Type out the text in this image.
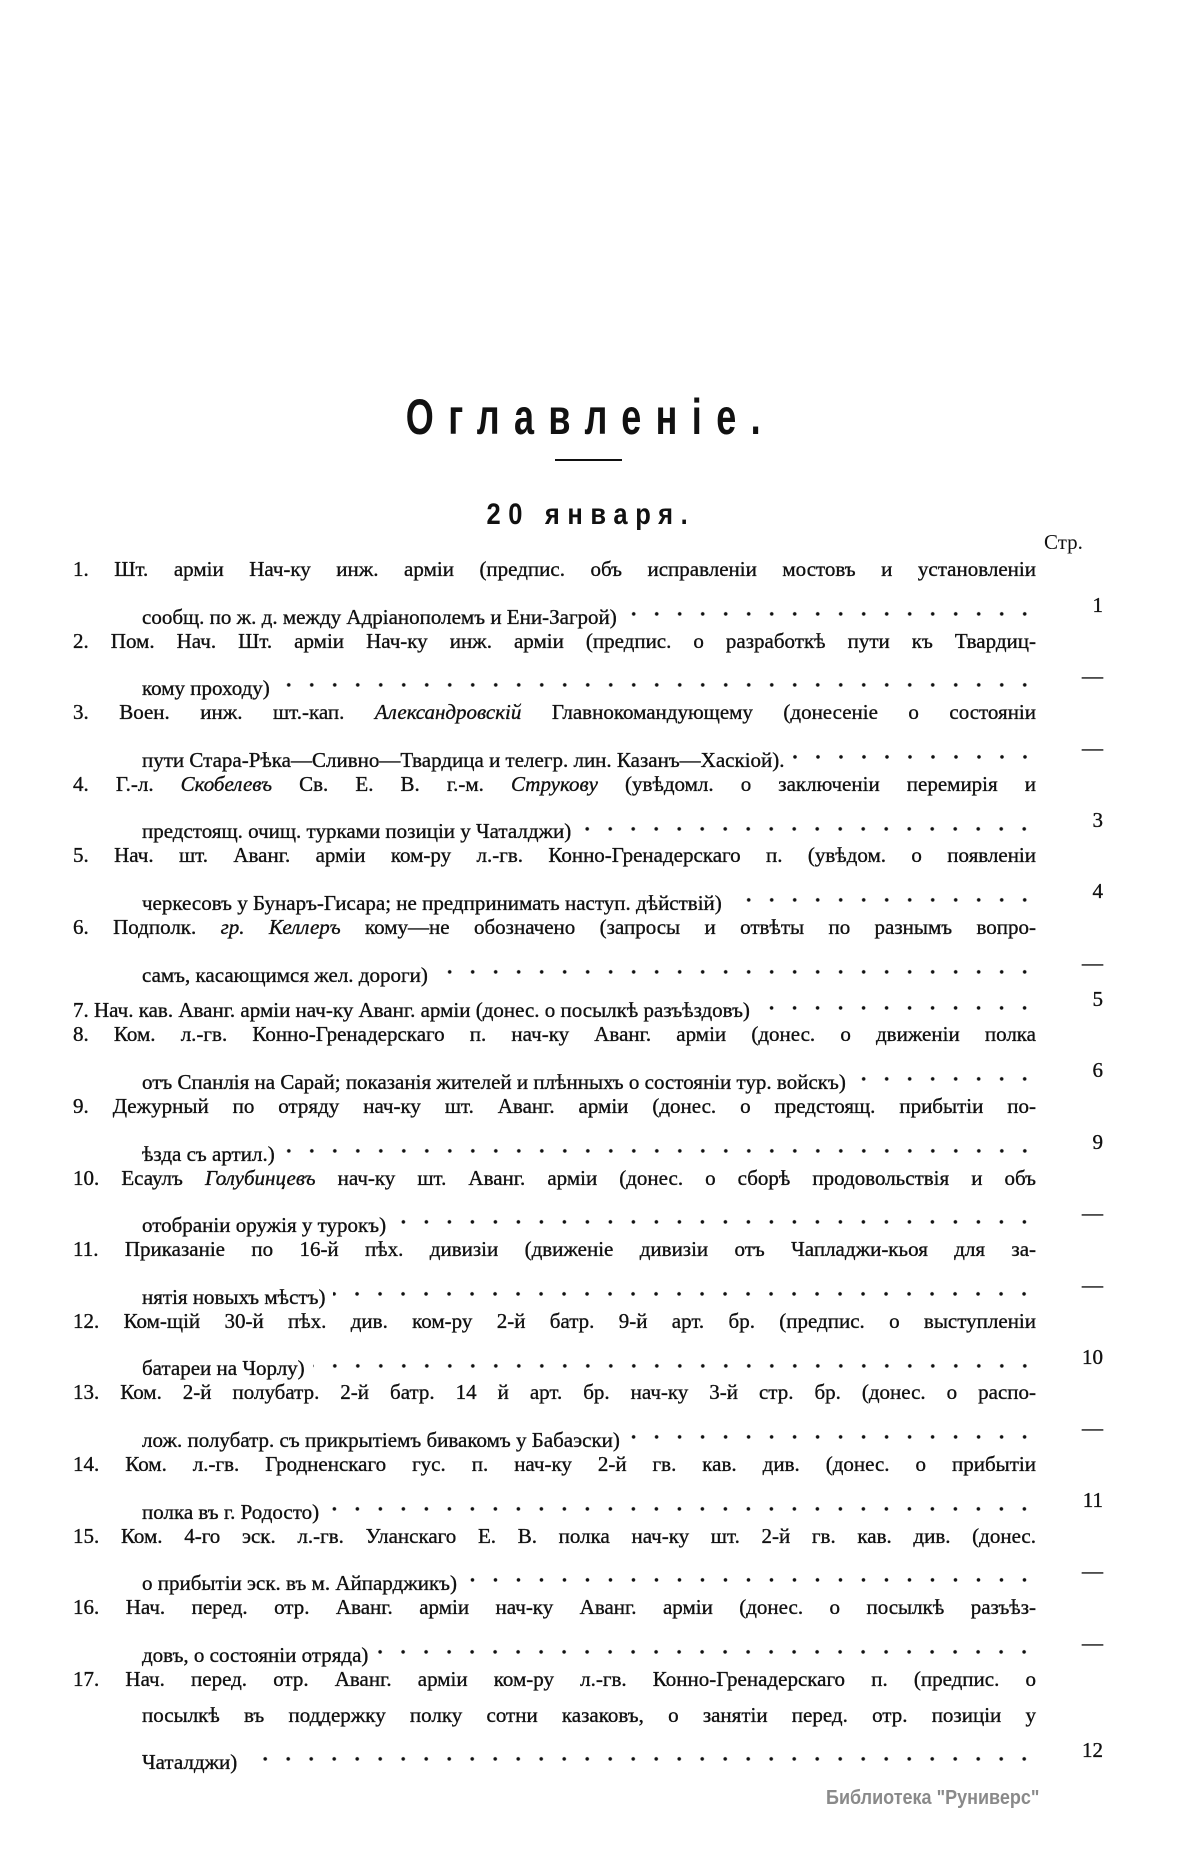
Оглавленіе.
20 января.
Стр.
1. Шт. арміи Нач-ку инж. арміи (предпис. объ исправленіи мостовъ и установленіи
сообщ. по ж. д. между Адріанополемъ и Ени-Загрой)	1
2. Пом. Нач. Шт. арміи Нач-ку инж. арміи (предпис. о разработкѣ пути къ Твардиц-
кому проходу)	—
3. Воен. инж. шт.-кап. Александровскій Главнокомандующему (донесеніе о состояніи
пути Стара-Рѣка—Сливно—Твардица и телегр. лин. Казанъ—Хаскіой).	—
4. Г.-л. Скобелевъ Св. Е. В. г.-м. Струкову (увѣдомл. о заключеніи перемирія и
предстоящ. очищ. турками позиціи у Чаталджи)	3
5. Нач. шт. Аванг. арміи ком-ру л.-гв. Конно-Гренадерскаго п. (увѣдом. о появленіи
черкесовъ у Бунаръ-Гисара; не предпринимать наступ. дѣйствій)	4
6. Подполк. гр. Келлеръ кому—не обозначено (запросы и отвѣты по разнымъ вопро-
самъ, касающимся жел. дороги)	—
7. Нач. кав. Аванг. арміи нач-ку Аванг. арміи (донес. о посылкѣ разъѣздовъ)	5
8. Ком. л.-гв. Конно-Гренадерскаго п. нач-ку Аванг. арміи (донес. о движеніи полка
отъ Спанлія на Сарай; показанія жителей и плѣнныхъ о состояніи тур. войскъ)	6
9. Дежурный по отряду нач-ку шт. Аванг. арміи (донес. о предстоящ. прибытіи по-
ѣзда съ артил.)	9
10. Есаулъ Голубинцевъ нач-ку шт. Аванг. арміи (донес. о сборѣ продовольствія и объ
отобраніи оружія у турокъ)	—
11. Приказаніе по 16-й пѣх. дивизіи (движеніе дивизіи отъ Чапладжи-кьоя для за-
нятія новыхъ мѣстъ)	—
12. Ком-щій 30-й пѣх. див. ком-ру 2-й батр. 9-й арт. бр. (предпис. о выступленіи
батареи на Чорлу)	10
13. Ком. 2-й полубатр. 2-й батр. 14 й арт. бр. нач-ку 3-й стр. бр. (донес. о распо-
лож. полубатр. съ прикрытіемъ бивакомъ у Бабаэски)	—
14. Ком. л.-гв. Гродненскаго гус. п. нач-ку 2-й гв. кав. див. (донес. о прибытіи
полка въ г. Родосто)	11
15. Ком. 4-го эск. л.-гв. Уланскаго Е. В. полка нач-ку шт. 2-й гв. кав. див. (донес.
о прибытіи эск. въ м. Айпарджикъ)	—
16. Нач. перед. отр. Аванг. арміи нач-ку Аванг. арміи (донес. о посылкѣ разъѣз-
довъ, о состояніи отряда)	—
17. Нач. перед. отр. Аванг. арміи ком-ру л.-гв. Конно-Гренадерскаго п. (предпис. о
посылкѣ въ поддержку полку сотни казаковъ, о занятіи перед. отр. позиціи у
Чаталджи)	12
Библиотека "Руниверс"
